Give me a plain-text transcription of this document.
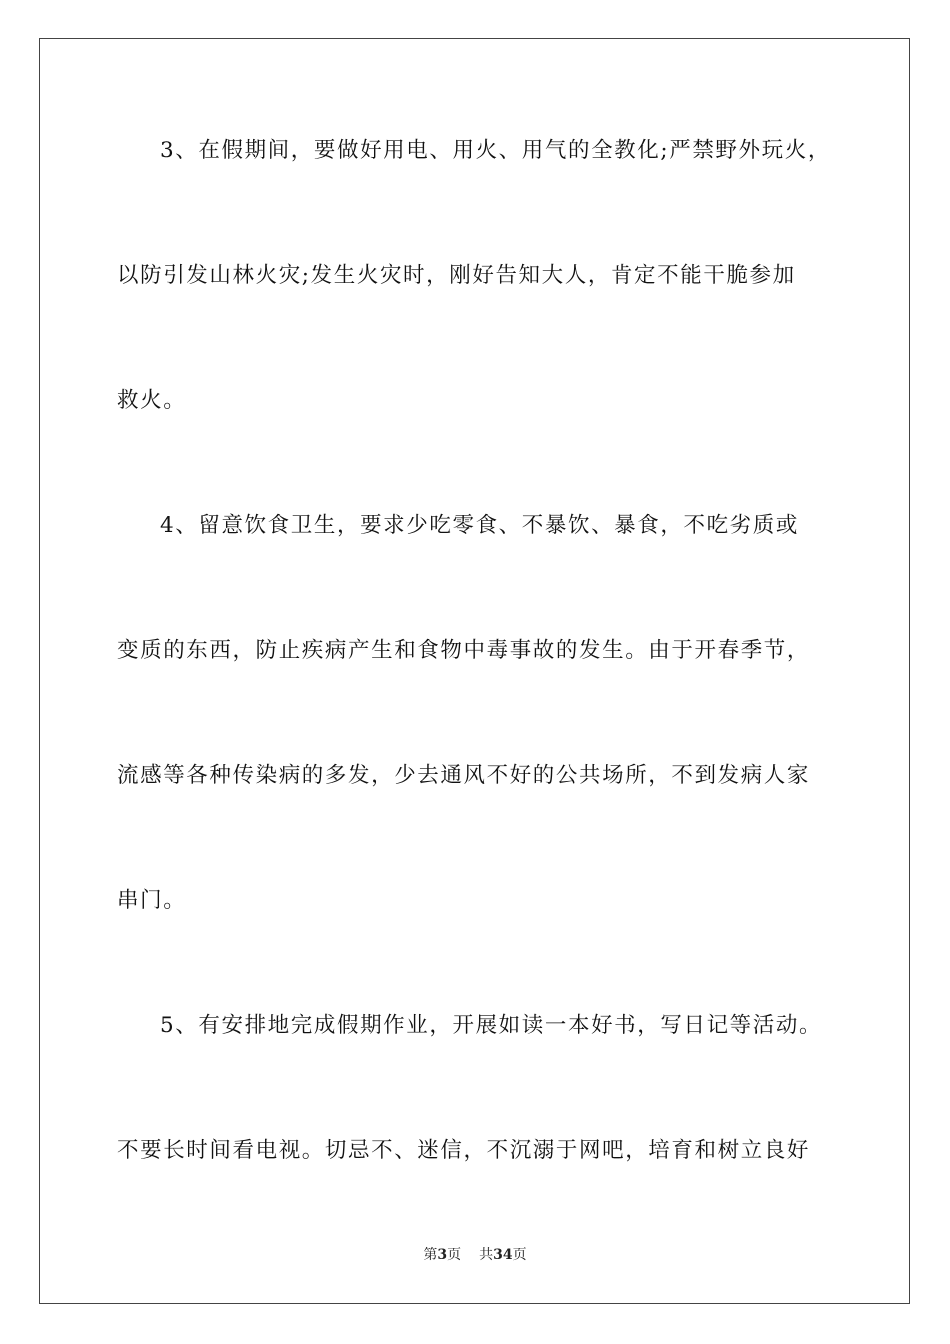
3、在假期间，要做好用电、用火、用气的全教化;严禁野外玩火，
以防引发山林火灾;发生火灾时，刚好告知大人，肯定不能干脆参加
救火。
4、留意饮食卫生，要求少吃零食、不暴饮、暴食，不吃劣质或
变质的东西，防止疾病产生和食物中毒事故的发生。由于开春季节，
流感等各种传染病的多发，少去通风不好的公共场所，不到发病人家
串门。
5、有安排地完成假期作业，开展如读一本好书，写日记等活动。
不要长时间看电视。切忌不、迷信，不沉溺于网吧，培育和树立良好
第3页 共34页
